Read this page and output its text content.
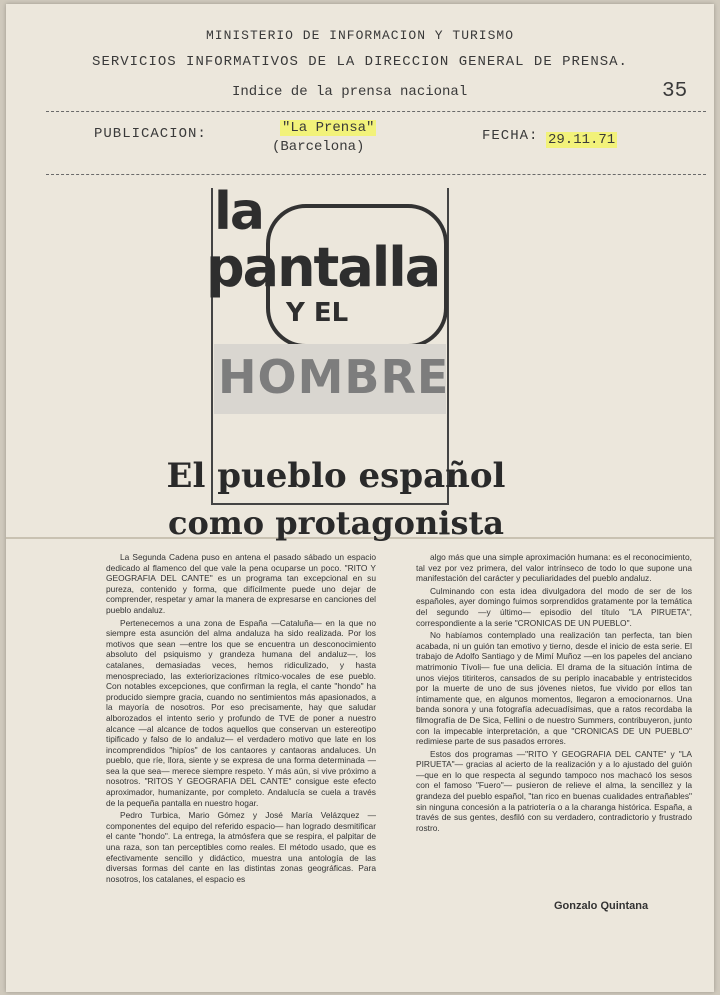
MINISTERIO DE INFORMACION Y TURISMO
SERVICIOS INFORMATIVOS DE LA DIRECCION GENERAL DE PRENSA.
Indice de la prensa nacional	35
PUBLICACION:	"La Prensa"
(Barcelona)
FECHA: 29.11.71
la
pantalla
Y EL
HOMBRE
El pueblo español
como protagonista

La Segunda Cadena puso en antena el pasado sábado un espacio dedicado al flamenco del que vale la pena ocuparse un poco. "RITO Y GEOGRAFIA DEL CANTE" es un programa tan excepcional en su pureza, contenido y forma, que difícilmente puede uno dejar de comprender, respetar y amar la manera de expresarse en canciones del pueblo andaluz.

Pertenecemos a una zona de España —Cataluña— en la que no siempre esta asunción del alma andaluza ha sido realizada. Por los motivos que sean —entre los que se encuentra un desconocimiento absoluto del psiquismo y grandeza humana del andaluz—, los catalanes, demasiadas veces, hemos ridiculizado, y hasta menospreciado, las exteriorizaciones rítmico-vocales de ese pueblo. Con notables excepciones, que confirman la regla, el cante "hondo" ha producido siempre gracia, cuando no sentimientos más apasionados, a la mayoría de nosotros. Por eso precisamente, hay que saludar alborozados el intento serio y profundo de TVE de poner a nuestro alcance —al alcance de todos aquellos que conservan un estereotipo tipificado y falso de lo andaluz— el verdadero motivo que late en los incomprendidos "hipíos" de los cantaores y cantaoras andaluces. Un pueblo, que ríe, llora, siente y se expresa de una forma determinada —sea la que sea— merece siempre respeto. Y más aún, si vive próximo a nosotros. "RITOS Y GEOGRAFIA DEL CANTE" consigue este efecto aproximador, humanizante, por completo. Andalucía se cuela a través de la pequeña pantalla en nuestro hogar.

Pedro Turbica, Mario Gómez y José María Velázquez —componentes del equipo del referido espacio— han logrado desmitificar el cante "hondo". La entrega, la atmósfera que se respira, el palpitar de una raza, son tan perceptibles como reales. El método usado, que es efectivamente sencillo y didáctico, muestra una antología de las diversas formas del cante en las distintas zonas geográficas. Para nosotros, los catalanes, el espacio es

algo más que una simple aproximación humana: es el reconocimiento, tal vez por vez primera, del valor intrínseco de todo lo que supone una manifestación del carácter y peculiaridades del pueblo andaluz.

Culminando con esta idea divulgadora del modo de ser de los españoles, ayer domingo fuimos sorprendidos gratamente por la temática del segundo —y último— episodio del título "LA PIRUETA", correspondiente a la serie "CRONICAS DE UN PUEBLO".

No habíamos contemplado una realización tan perfecta, tan bien acabada, ni un guión tan emotivo y tierno, desde el inicio de esta serie. El trabajo de Adolfo Santiago y de Mimí Muñoz —en los papeles del anciano matrimonio Tívoli— fue una delicia. El drama de la situación íntima de unos viejos titiriteros, cansados de su periplo inacabable y entristecidos por la muerte de uno de sus jóvenes nietos, fue vivido por ellos tan íntimamente que, en algunos momentos, llegaron a emocionarnos. Una banda sonora y una fotografía adecuadísimas, que a ratos recordaba la filmografía de De Sica, Fellini o de nuestro Summers, contribuyeron, junto con la impecable interpretación, a que "CRONICAS DE UN PUEBLO" redimiese parte de sus pasados errores.

Estos dos programas —"RITO Y GEOGRAFIA DEL CANTE" y "LA PIRUETA"— gracias al acierto de la realización y a lo ajustado del guión —que en lo que respecta al segundo tampoco nos machacó los sesos con el famoso "Fuero"— pusieron de relieve el alma, la sencillez y la grandeza del pueblo español, "tan rico en buenas cualidades entrañables" sin ninguna concesión a la patriotería o a la charanga histórica. España, a través de sus gentes, desfiló con su verdadero, contradictorio y frustrado rostro.

Gonzalo Quintana
